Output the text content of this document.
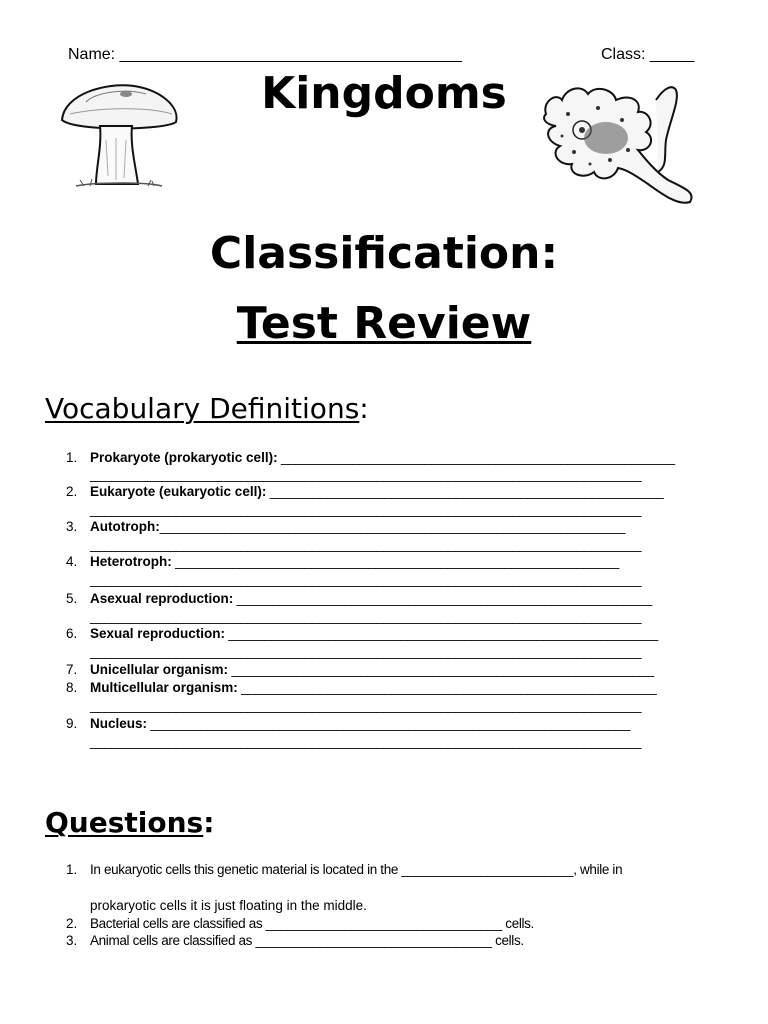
Name: ________________________________________	Class: _____
Kingdoms
Classification:
Test Review
Vocabulary Definitions:
1. Prokaryote (prokaryotic cell): _______________________________________________________
_____________________________________________________________________________
2. Eukaryote (eukaryotic cell): _______________________________________________________
_____________________________________________________________________________
3. Autotroph:_________________________________________________________________
_____________________________________________________________________________
4. Heterotroph: ______________________________________________________________
_____________________________________________________________________________
5. Asexual reproduction: __________________________________________________________
_____________________________________________________________________________
6. Sexual reproduction: ____________________________________________________________
_____________________________________________________________________________
7. Unicellular organism: ___________________________________________________________
8. Multicellular organism: __________________________________________________________
_____________________________________________________________________________
9. Nucleus: ___________________________________________________________________
_____________________________________________________________________________
Questions:
1. In eukaryotic cells this genetic material is located in the ________________________, while in
prokaryotic cells it is just floating in the middle.
2. Bacterial cells are classified as _________________________________ cells.
3. Animal cells are classified as _________________________________ cells.
